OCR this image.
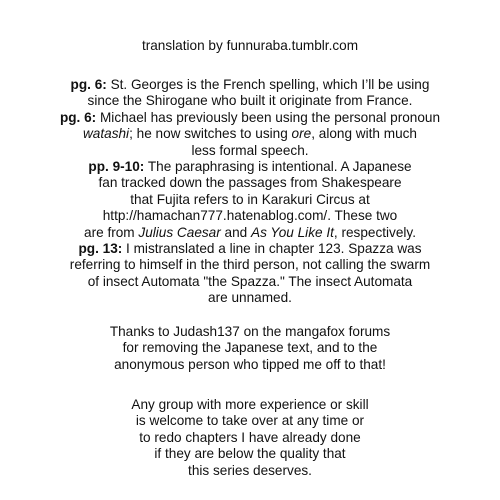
translation by funnuraba.tumblr.com
pg. 6: St. Georges is the French spelling, which I’ll be using
since the Shirogane who built it originate from France.
pg. 6: Michael has previously been using the personal pronoun
watashi; he now switches to using ore, along with much
less formal speech.
pp. 9-10: The paraphrasing is intentional. A Japanese
fan tracked down the passages from Shakespeare
that Fujita refers to in Karakuri Circus at
http://hamachan777.hatenablog.com/. These two
are from Julius Caesar and As You Like It, respectively.
pg. 13: I mistranslated a line in chapter 123. Spazza was
referring to himself in the third person, not calling the swarm
of insect Automata "the Spazza." The insect Automata
are unnamed.
Thanks to Judash137 on the mangafox forums
for removing the Japanese text, and to the
anonymous person who tipped me off to that!
Any group with more experience or skill
is welcome to take over at any time or
to redo chapters I have already done
if they are below the quality that
this series deserves.
